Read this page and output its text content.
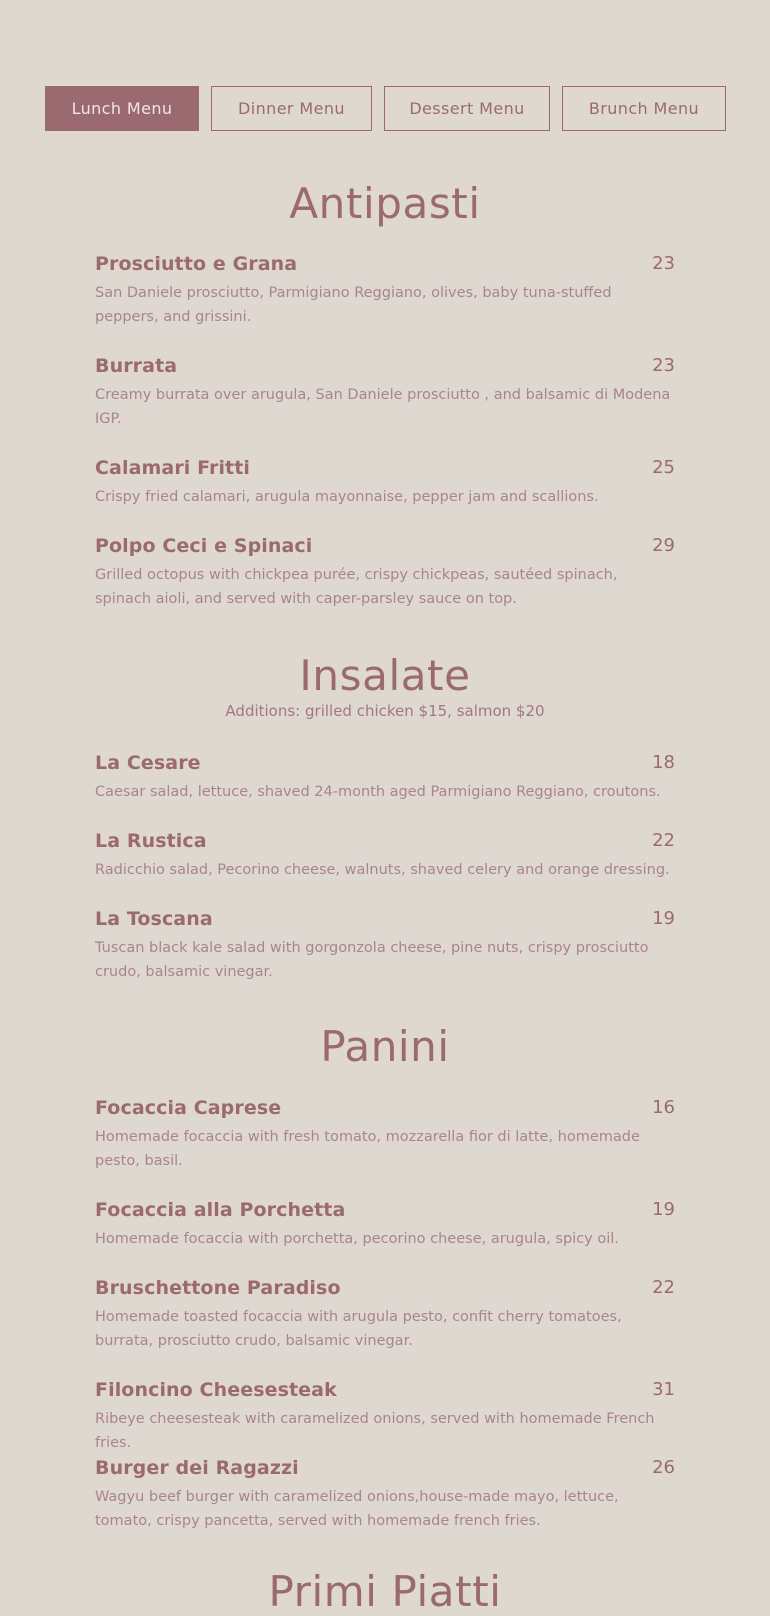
Lunch Menu	Dinner Menu	Dessert Menu	Brunch Menu
Antipasti
Prosciutto e Grana	23
San Daniele prosciutto, Parmigiano Reggiano, olives, baby tuna-stuffed peppers, and grissini.
Burrata	23
Creamy burrata over arugula, San Daniele prosciutto , and balsamic di Modena IGP.
Calamari Fritti	25
Crispy fried calamari, arugula mayonnaise, pepper jam and scallions.
Polpo Ceci e Spinaci	29
Grilled octopus with chickpea purée, crispy chickpeas, sautéed spinach, spinach aioli, and served with caper-parsley sauce on top.
Insalate
Additions: grilled chicken $15, salmon $20
La Cesare	18
Caesar salad, lettuce, shaved 24-month aged Parmigiano Reggiano, croutons.
La Rustica	22
Radicchio salad, Pecorino cheese, walnuts, shaved celery and orange dressing.
La Toscana	19
Tuscan black kale salad with gorgonzola cheese, pine nuts, crispy prosciutto crudo, balsamic vinegar.
Panini
Focaccia Caprese	16
Homemade focaccia with fresh tomato, mozzarella fior di latte, homemade pesto, basil.
Focaccia alla Porchetta	19
Homemade focaccia with porchetta, pecorino cheese, arugula, spicy oil.
Bruschettone Paradiso	22
Homemade toasted focaccia with arugula pesto, confit cherry tomatoes, burrata, prosciutto crudo, balsamic vinegar.
Filoncino Cheesesteak	31
Ribeye cheesesteak with caramelized onions, served with homemade French fries.
Burger dei Ragazzi	26
Wagyu beef burger with caramelized onions,house-made mayo, lettuce, tomato, crispy pancetta, served with homemade french fries.
Primi Piatti
